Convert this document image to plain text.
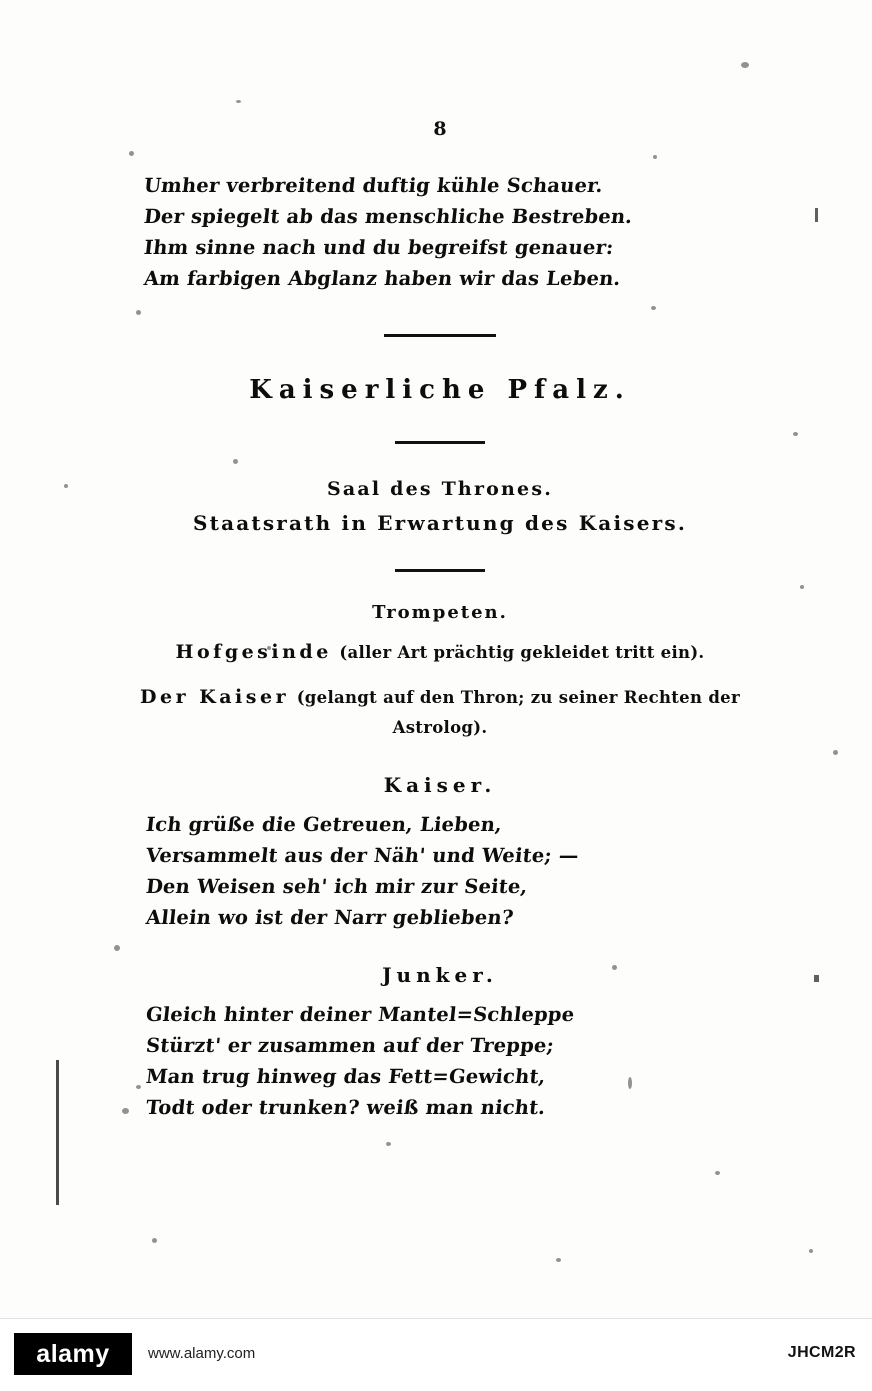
8
Umher verbreitend duftig kühle Schauer.
Der spiegelt ab das menschliche Bestreben.
Ihm sinne nach und du begreifst genauer:
Am farbigen Abglanz haben wir das Leben.
Kaiserliche Pfalz.
Saal des Thrones.
Staatsrath in Erwartung des Kaisers.
Trompeten.
Hofgesinde (aller Art prächtig gekleidet tritt ein).
Der Kaiser (gelangt auf den Thron; zu seiner Rechten der
Astrolog).
Kaiser.
Ich grüße die Getreuen, Lieben,
Versammelt aus der Näh' und Weite; —
Den Weisen seh' ich mir zur Seite,
Allein wo ist der Narr geblieben?
Junker.
Gleich hinter deiner Mantel=Schleppe
Stürzt' er zusammen auf der Treppe;
Man trug hinweg das Fett=Gewicht,
Todt oder trunken? weiß man nicht.
alamy	www.alamy.com	JHCM2R
